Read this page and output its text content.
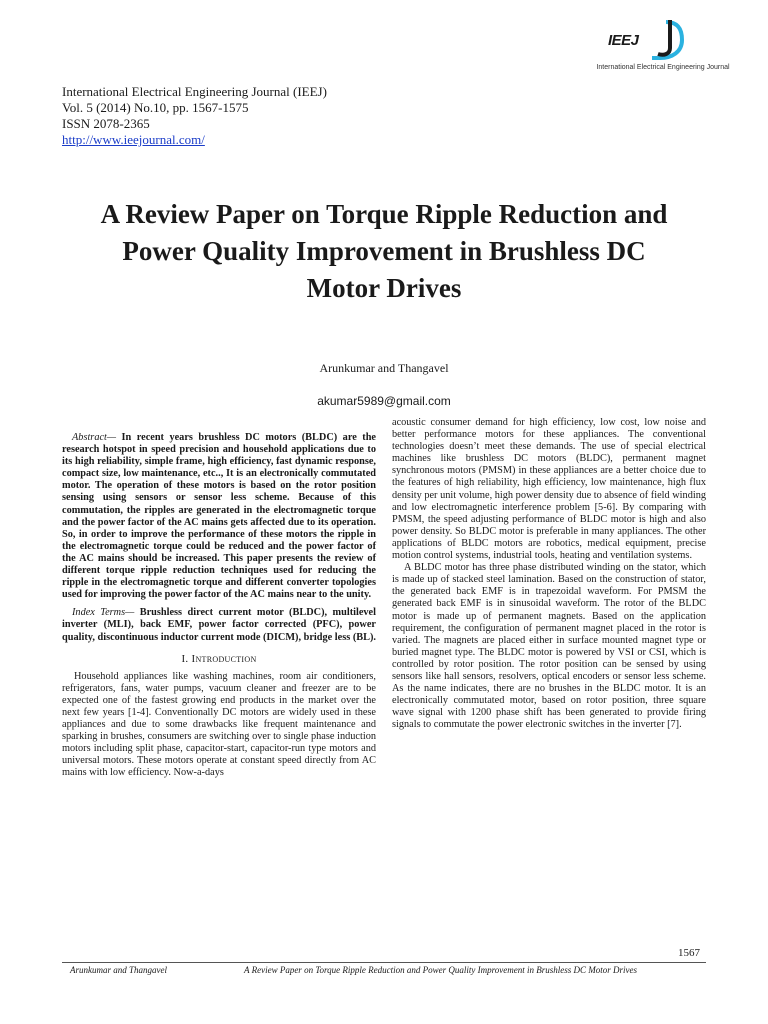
IEEJ
International Electrical Engineering Journal
International Electrical Engineering Journal (IEEJ)
Vol. 5 (2014) No.10, pp. 1567-1575
ISSN 2078-2365
http://www.ieejournal.com/
A Review Paper on Torque Ripple Reduction and Power Quality Improvement in Brushless DC Motor Drives
Arunkumar and Thangavel
akumar5989@gmail.com

Abstract— In recent years brushless DC motors (BLDC) are the research hotspot in speed precision and household applications due to its high reliability, simple frame, high efficiency, fast dynamic response, compact size, low maintenance, etc.., It is an electronically commutated motor. The operation of these motors is based on the rotor position sensing using sensors or sensor less scheme. Because of this commutation, the ripples are generated in the electromagnetic torque and the power factor of the AC mains gets affected due to its operation. So, in order to improve the performance of these motors the ripple in the electromagnetic torque could be reduced and the power factor of the AC mains should be increased. This paper presents the review of different torque ripple reduction techniques used for reducing the ripple in the electromagnetic torque and different converter topologies used for improving the power factor of the AC mains near to the unity.

Index Terms— Brushless direct current motor (BLDC), multilevel inverter (MLI), back EMF, power factor corrected (PFC), power quality, discontinuous inductor current mode (DICM), bridge less (BL).

I. Introduction

Household appliances like washing machines, room air conditioners, refrigerators, fans, water pumps, vacuum cleaner and freezer are to be expected one of the fastest growing end products in the market over the next few years [1-4]. Conventionally DC motors are widely used in these appliances and due to some drawbacks like frequent maintenance and sparking in brushes, consumers are switching over to single phase induction motors including split phase, capacitor-start, capacitor-run type motors and universal motors. These motors operate at constant speed directly from AC mains with low efficiency. Now-a-days

acoustic consumer demand for high efficiency, low cost, low noise and better performance motors for these appliances. The conventional technologies doesn’t meet these demands. The use of special electrical machines like brushless DC motors (BLDC), permanent magnet synchronous motors (PMSM) in these appliances are a better choice due to the features of high reliability, high efficiency, low maintenance, high flux density per unit volume, high power density due to absence of field winding and low electromagnetic interference problem [5-6]. By comparing with PMSM, the speed adjusting performance of BLDC motor is high and also power density. So BLDC motor is preferable in many appliances. The other applications of BLDC motors are robotics, medical equipment, precise motion control systems, industrial tools, heating and ventilation systems.

A BLDC motor has three phase distributed winding on the stator, which is made up of stacked steel lamination. Based on the construction of stator, the generated back EMF is in trapezoidal waveform. For PMSM the generated back EMF is in sinusoidal waveform. The rotor of the BLDC motor is made up of permanent magnets. Based on the application requirement, the configuration of permanent magnet placed in the rotor is varied. The magnets are placed either in surface mounted magnet type or buried magnet type. The BLDC motor is powered by VSI or CSI, which is controlled by rotor position. The rotor position can be sensed by using sensors like hall sensors, resolvers, optical encoders or sensor less scheme. As the name indicates, there are no brushes in the BLDC motor. It is an electronically commutated motor, based on rotor position, three square wave signal with 1200 phase shift has been generated to provide firing signals to commutate the power electronic switches in the inverter [7].

1567
Arunkumar and Thangavel	A Review Paper on Torque Ripple Reduction and Power Quality Improvement in Brushless DC Motor Drives
